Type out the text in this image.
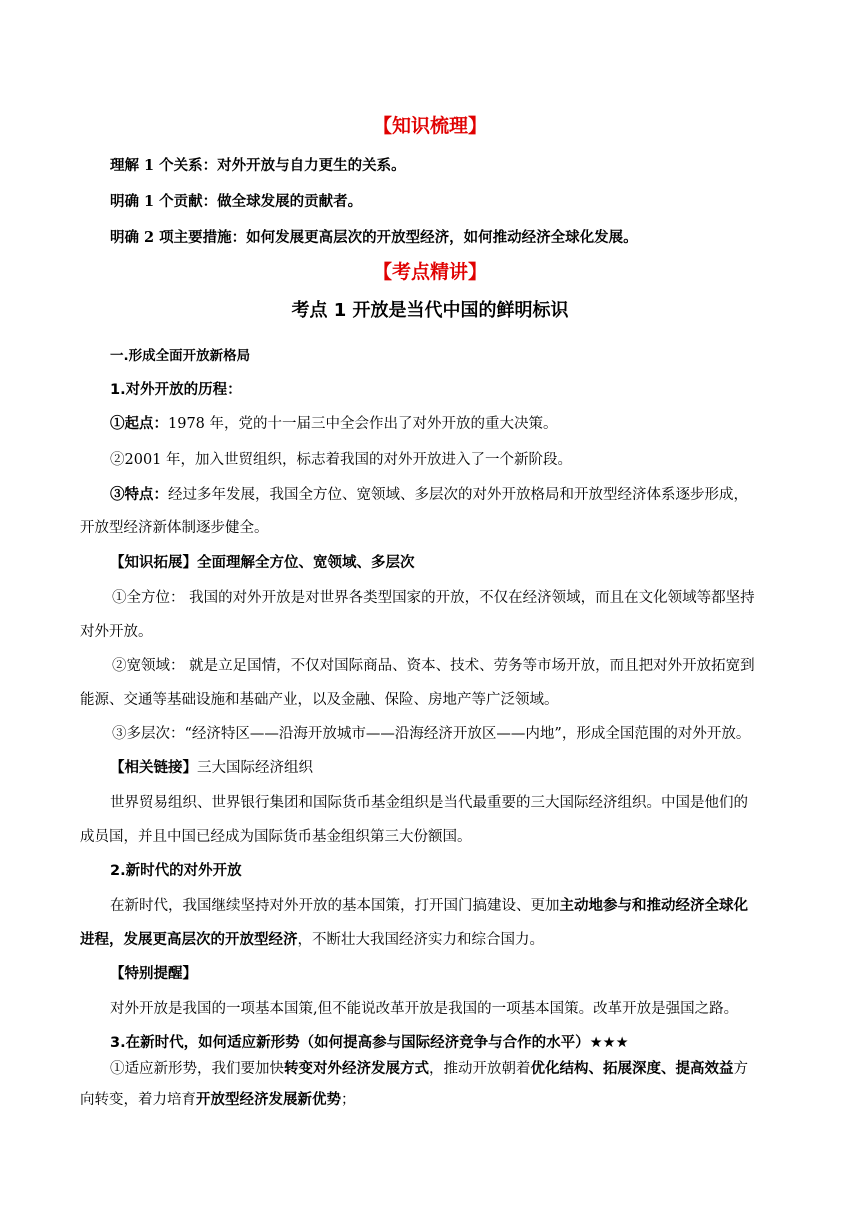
【知识梳理】
理解 1 个关系：对外开放与自力更生的关系。
明确 1 个贡献：做全球发展的贡献者。
明确 2 项主要措施：如何发展更高层次的开放型经济，如何推动经济全球化发展。
【考点精讲】
考点 1 开放是当代中国的鲜明标识
一.形成全面开放新格局
1.对外开放的历程：
①起点：1978 年，党的十一届三中全会作出了对外开放的重大决策。
②2001 年，加入世贸组织，标志着我国的对外开放进入了一个新阶段。
③特点：经过多年发展，我国全方位、宽领域、多层次的对外开放格局和开放型经济体系逐步形成，
开放型经济新体制逐步健全。
【知识拓展】全面理解全方位、宽领域、多层次
①全方位： 我国的对外开放是对世界各类型国家的开放，不仅在经济领域，而且在文化领域等都坚持
对外开放。
②宽领域： 就是立足国情，不仅对国际商品、资本、技术、劳务等市场开放，而且把对外开放拓宽到
能源、交通等基础设施和基础产业，以及金融、保险、房地产等广泛领域。
③多层次：“经济特区——沿海开放城市——沿海经济开放区——内地”，形成全国范围的对外开放。
【相关链接】三大国际经济组织
世界贸易组织、世界银行集团和国际货币基金组织是当代最重要的三大国际经济组织。中国是他们的
成员国，并且中国已经成为国际货币基金组织第三大份额国。
2.新时代的对外开放
在新时代，我国继续坚持对外开放的基本国策，打开国门搞建设、更加主动地参与和推动经济全球化
进程，发展更高层次的开放型经济，不断壮大我国经济实力和综合国力。
【特别提醒】
对外开放是我国的一项基本国策,但不能说改革开放是我国的一项基本国策。改革开放是强国之路。
3.在新时代，如何适应新形势（如何提高参与国际经济竞争与合作的水平）★★★
①适应新形势，我们要加快转变对外经济发展方式，推动开放朝着优化结构、拓展深度、提高效益方
向转变，着力培育开放型经济发展新优势；
